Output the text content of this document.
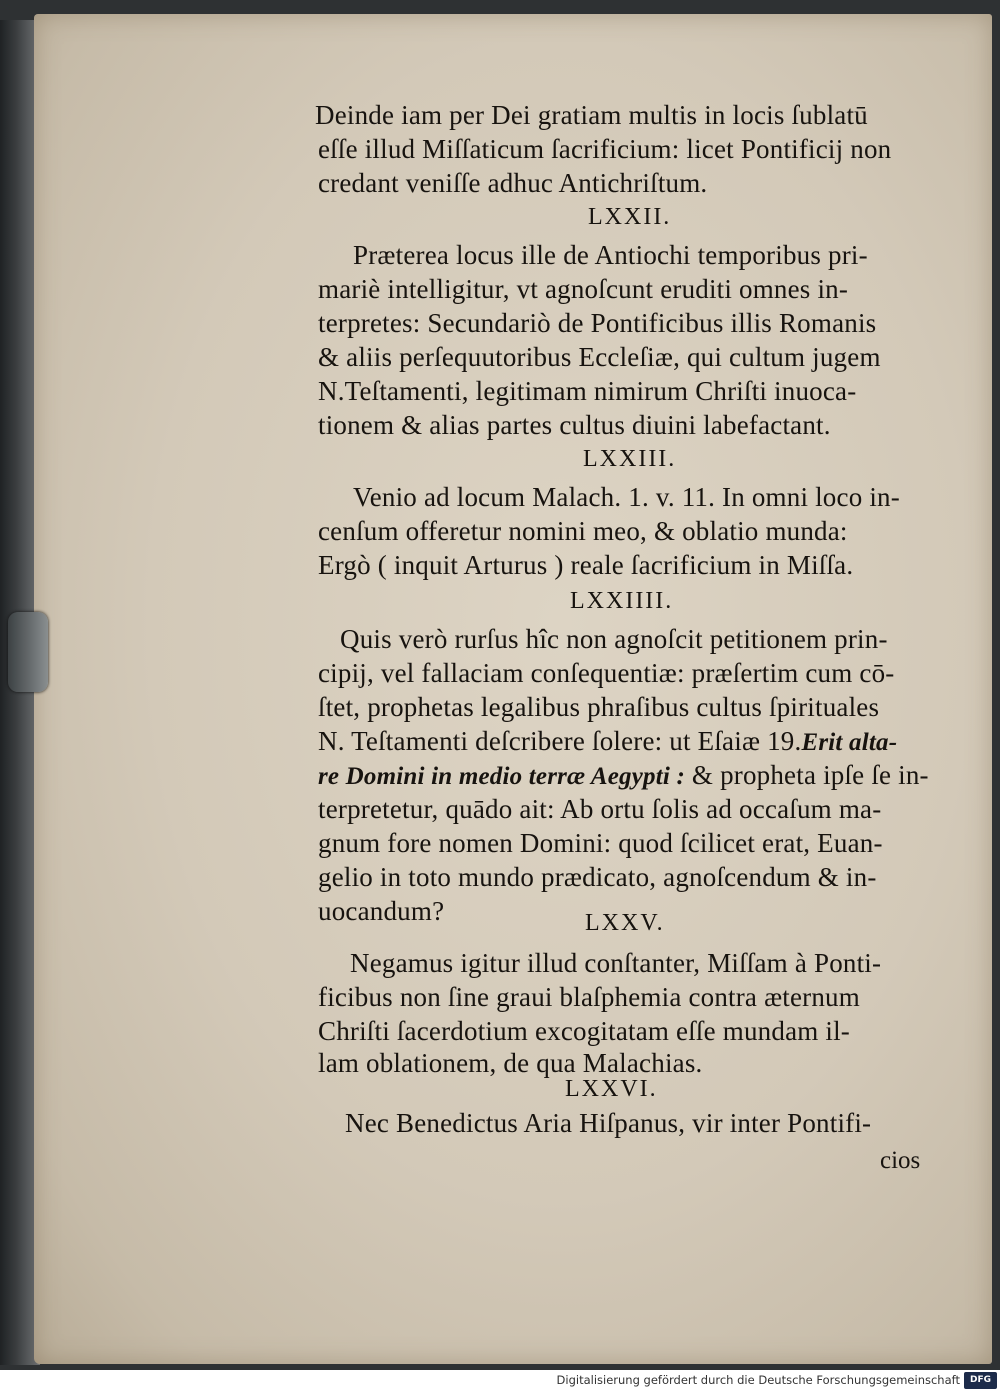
Deinde iam per Dei gratiam multis in locis ſublatū
eſſe illud Miſſaticum ſacrificium: licet Pontificij non
credant veniſſe adhuc Antichriſtum.
LXXII.
Præterea locus ille de Antiochi temporibus pri-
mariè intelligitur, vt agnoſcunt eruditi omnes in-
terpretes: Secundariò de Pontificibus illis Romanis
& aliis perſequutoribus Eccleſiæ, qui cultum jugem
N.Teſtamenti, legitimam nimirum Chriſti inuoca-
tionem & alias partes cultus diuini labefactant.
LXXIII.
Venio ad locum Malach. 1. v. 11. In omni loco in-
cenſum offeretur nomini meo, & oblatio munda:
Ergò ( inquit Arturus ) reale ſacrificium in Miſſa.
LXXIIII.
Quis verò rurſus hîc non agnoſcit petitionem prin-
cipij, vel fallaciam conſequentiæ: præſertim cum cō-
ſtet, prophetas legalibus phraſibus cultus ſpirituales
N. Teſtamenti deſcribere ſolere: ut Eſaiæ 19.Erit alta-
re Domini in medio terræ Aegypti : & propheta ipſe ſe in-
terpretetur, quādo ait: Ab ortu ſolis ad occaſum ma-
gnum fore nomen Domini: quod ſcilicet erat, Euan-
gelio in toto mundo prædicato, agnoſcendum & in-
uocandum?	LXXV.
Negamus igitur illud conſtanter, Miſſam à Ponti-
ficibus non ſine graui blaſphemia contra æternum
Chriſti ſacerdotium excogitatam eſſe mundam il-
lam oblationem, de qua Malachias.
LXXVI.
Nec Benedictus Aria Hiſpanus, vir inter Pontifi-
cios
Digitalisierung gefördert durch die Deutsche Forschungsgemeinschaft	DFG
